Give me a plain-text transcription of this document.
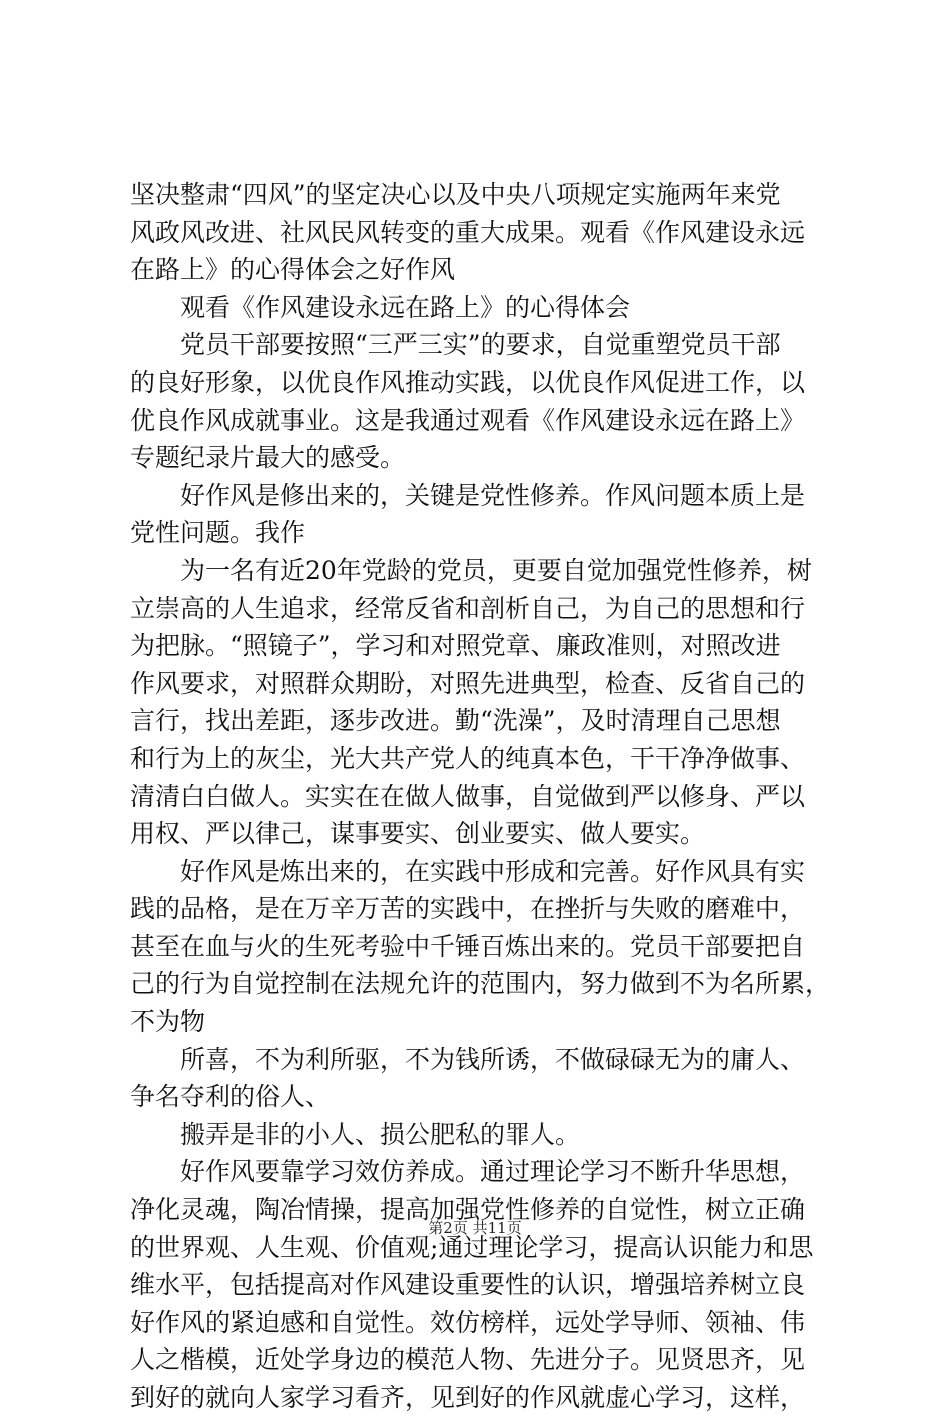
坚决整肃“四风”的坚定决心以及中央八项规定实施两年来党
风政风改进、社风民风转变的重大成果。观看《作风建设永远
在路上》的心得体会之好作风
观看《作风建设永远在路上》的心得体会
党员干部要按照“三严三实”的要求，自觉重塑党员干部
的良好形象，以优良作风推动实践，以优良作风促进工作，以
优良作风成就事业。这是我通过观看《作风建设永远在路上》
专题纪录片最大的感受。
好作风是修出来的，关键是党性修养。作风问题本质上是
党性问题。我作
为一名有近20年党龄的党员，更要自觉加强党性修养，树
立崇高的人生追求，经常反省和剖析自己，为自己的思想和行
为把脉。“照镜子”，学习和对照党章、廉政准则，对照改进
作风要求，对照群众期盼，对照先进典型，检查、反省自己的
言行，找出差距，逐步改进。勤“洗澡”，及时清理自己思想
和行为上的灰尘，光大共产党人的纯真本色，干干净净做事、
清清白白做人。实实在在做人做事，自觉做到严以修身、严以
用权、严以律己，谋事要实、创业要实、做人要实。
好作风是炼出来的，在实践中形成和完善。好作风具有实
践的品格，是在万辛万苦的实践中，在挫折与失败的磨难中，
甚至在血与火的生死考验中千锤百炼出来的。党员干部要把自
己的行为自觉控制在法规允许的范围内，努力做到不为名所累，
不为物
所喜，不为利所驱，不为钱所诱，不做碌碌无为的庸人、
争名夺利的俗人、
搬弄是非的小人、损公肥私的罪人。
好作风要靠学习效仿养成。通过理论学习不断升华思想，
净化灵魂，陶冶情操，提高加强党性修养的自觉性，树立正确
的世界观、人生观、价值观;通过理论学习，提高认识能力和思
维水平，包括提高对作风建设重要性的认识，增强培养树立良
好作风的紧迫感和自觉性。效仿榜样，远处学导师、领袖、伟
人之楷模，近处学身边的模范人物、先进分子。见贤思齐，见
到好的就向人家学习看齐，见到好的作风就虚心学习，这样，
第2页 共11页
